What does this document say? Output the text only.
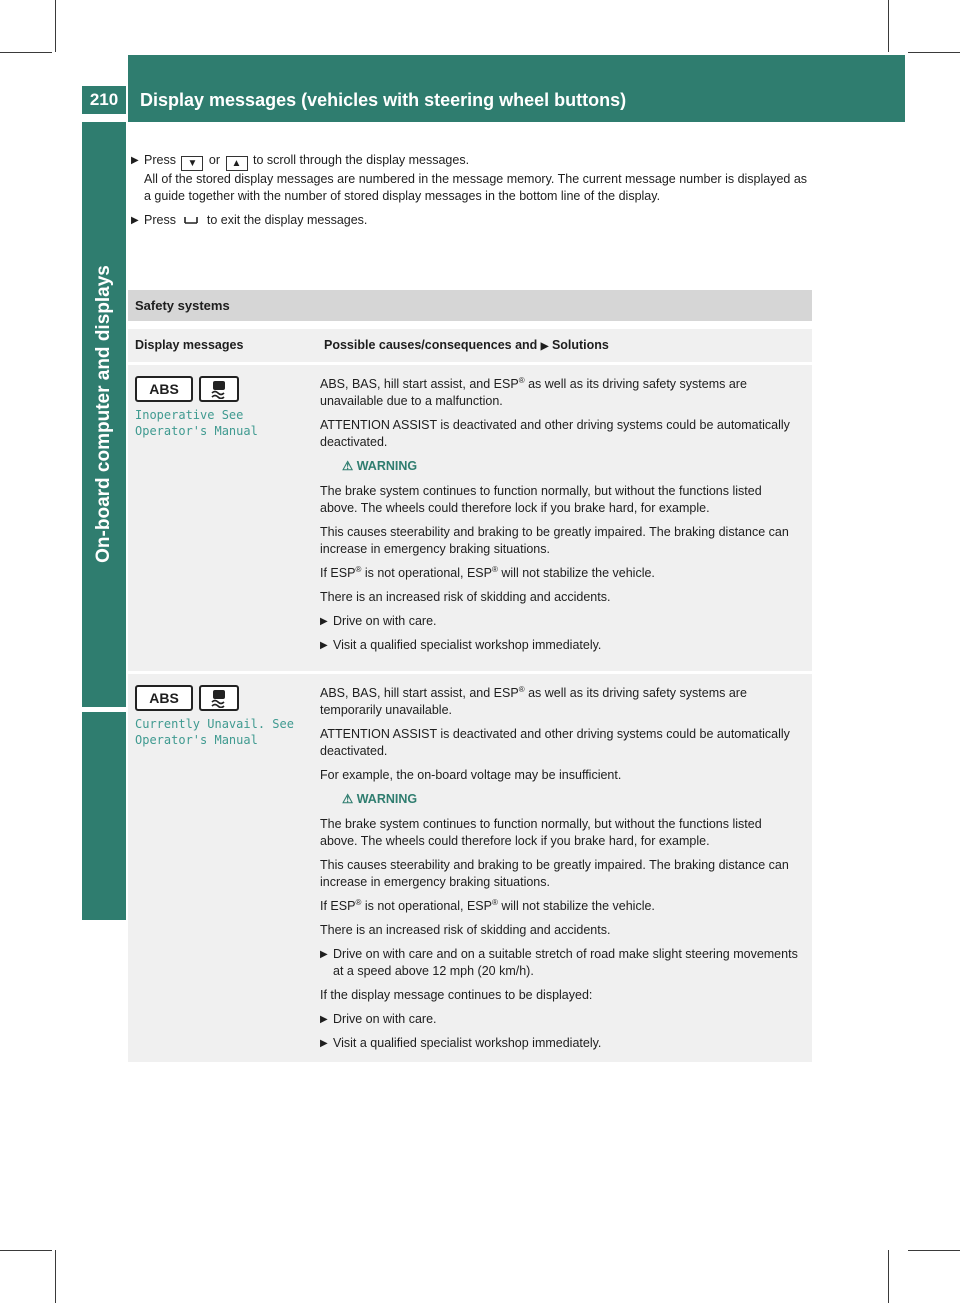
210	Display messages (vehicles with steering wheel buttons)
On-board computer and displays

▶ Press ▼ or ▲ to scroll through the display messages.
All of the stored display messages are numbered in the message memory. The current message number is displayed as a guide together with the number of stored display messages in the bottom line of the display.

▶ Press  to exit the display messages.

Safety systems
Display messages	Possible causes/consequences and ▶ Solutions
ABS
Inoperative See Operator's Manual

ABS, BAS, hill start assist, and ESP® as well as its driving safety systems are unavailable due to a malfunction.

ATTENTION ASSIST is deactivated and other driving systems could be automatically deactivated.

⚠ WARNING

The brake system continues to function normally, but without the functions listed above. The wheels could therefore lock if you brake hard, for example.

This causes steerability and braking to be greatly impaired. The braking distance can increase in emergency braking situations.

If ESP® is not operational, ESP® will not stabilize the vehicle.

There is an increased risk of skidding and accidents.

▶ Drive on with care.

▶ Visit a qualified specialist workshop immediately.

ABS
Currently Unavail. See Operator's Manual

ABS, BAS, hill start assist, and ESP® as well as its driving safety systems are temporarily unavailable.

ATTENTION ASSIST is deactivated and other driving systems could be automatically deactivated.

For example, the on-board voltage may be insufficient.

⚠ WARNING

The brake system continues to function normally, but without the functions listed above. The wheels could therefore lock if you brake hard, for example.

This causes steerability and braking to be greatly impaired. The braking distance can increase in emergency braking situations.

If ESP® is not operational, ESP® will not stabilize the vehicle.

There is an increased risk of skidding and accidents.

▶ Drive on with care and on a suitable stretch of road make slight steering movements at a speed above 12 mph (20 km/h).

If the display message continues to be displayed:

▶ Drive on with care.

▶ Visit a qualified specialist workshop immediately.
